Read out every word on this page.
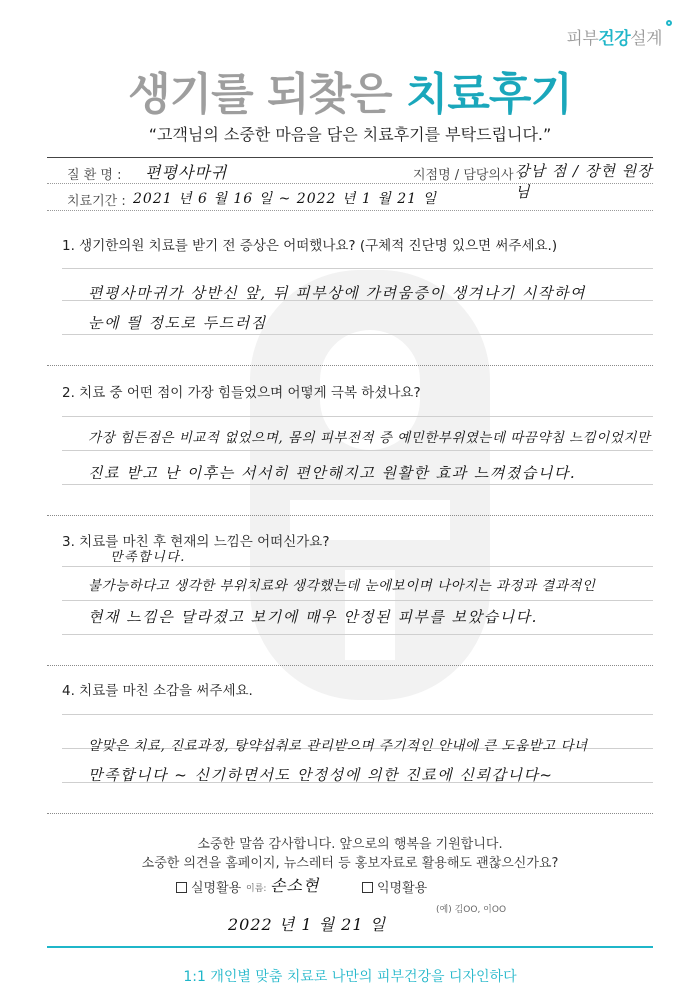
피부건강설계
생기를 되찾은 치료후기
“고객님의 소중한 마음을 담은 치료후기를 부탁드립니다.”
질 환 명 : 편평사마귀	지점명 / 담당의사 :
강남 점 / 장현 원장님
치료기간 : 2021 년 6 월 16 일 ~ 2022 년 1 월 21 일
1. 생기한의원 치료를 받기 전 증상은 어떠했나요? (구체적 진단명 있으면 써주세요.)
편평사마귀가 상반신 앞, 뒤 피부상에 가려움증이 생겨나기 시작하여
눈에 띌 정도로 두드러짐
2. 치료 중 어떤 점이 가장 힘들었으며 어떻게 극복 하셨나요?
가장 힘든점은 비교적 없었으며, 몸의 피부전적 증 예민한부위였는데 따끔약침 느낌이었지만
진료 받고 난 이후는 서서히 편안해지고 원활한 효과 느껴졌습니다.
3. 치료를 마친 후 현재의 느낌은 어떠신가요?
만족합니다.
불가능하다고 생각한 부위치료와 생각했는데 눈에보이며 나아지는 과정과 결과적인
현재 느낌은 달라졌고 보기에 매우 안정된 피부를 보았습니다.
4. 치료를 마친 소감을 써주세요.
알맞은 치료, 진료과정, 탕약섭취로 관리받으며 주기적인 안내에 큰 도움받고 다녀
만족합니다 ~ 신기하면서도 안정성에 의한 진료에 신뢰갑니다~
소중한 말씀 감사합니다. 앞으로의 행복을 기원합니다.
소중한 의견을 홈페이지, 뉴스레터 등 홍보자료로 활용해도 괜찮으신가요?
실명활용 이름: 손소현	익명활용
(예) 김OO, 이OO
2022 년 1 월 21 일
1:1 개인별 맞춤 치료로 나만의 피부건강을 디자인하다
